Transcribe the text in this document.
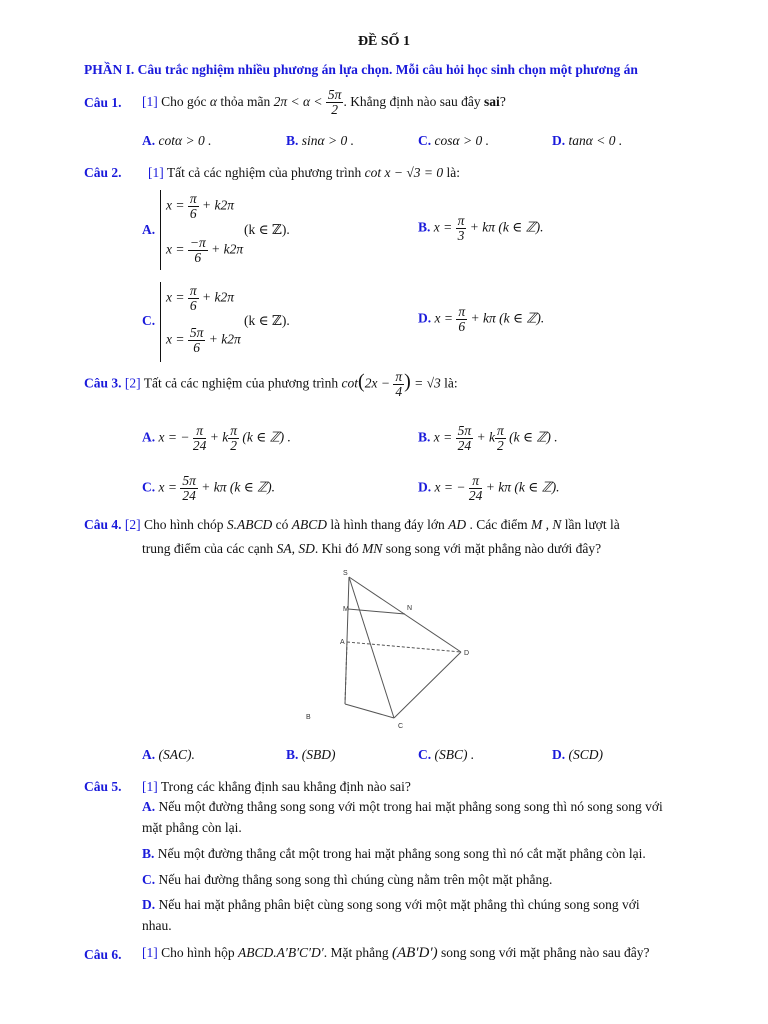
ĐỀ SỐ 1
PHẦN I. Câu trắc nghiệm nhiều phương án lựa chọn. Mỗi câu hỏi học sinh chọn một phương án
Câu 1. [1] Cho góc α thỏa mãn $2\pi < \alpha < \frac{5\pi}{2}$ . Khẳng định nào sau đây sai?
A. cotα > 0 .	B. sinα > 0 .	C. cosα > 0 .	D. tanα < 0 .
Câu 2. [1] Tất cả các nghiệm của phương trình cot x − √3 = 0 là:
A.
$x = \frac{\pi}{6} + k2\pi$
$x = \frac{-\pi}{6} + k2\pi$
(k ∈ ℤ).	B. $x = \frac{\pi}{3} + k\pi$ (k ∈ ℤ).
C.
$x = \frac{\pi}{6} + k2\pi$
$x = \frac{5\pi}{6} + k2\pi$
(k ∈ ℤ).	D. $x = \frac{\pi}{6} + k\pi$ (k ∈ ℤ).
Câu 3. [2] Tất cả các nghiệm của phương trình $\cot(2x - \frac{\pi}{4}$ ) = √3 là:
A. x = − $\frac{\pi}{24} + k \frac{\pi}{2} (k$ ∈ ℤ) .	B. $x = \frac{5\pi}{24} + k \frac{\pi}{2} (k$ ∈ ℤ) .
C. $x = \frac{5\pi}{24} + k\pi$ (k ∈ ℤ).	D. x = − $\frac{\pi}{24} + k\pi$ (k ∈ ℤ).
Câu 4. [2] Cho hình chóp S.ABCD có ABCD là hình thang đáy lớn AD . Các điểm M , N lần lượt là
trung điểm của các cạnh SA, SD. Khi đó MN song song với mặt phẳng nào dưới đây?
S
M	N
A
D
B
C
A. (SAC).	B. (SBD)	C. (SBC) .	D. (SCD)
Câu 5. [1] Trong các khẳng định sau khẳng định nào sai?
A. Nếu một đường thẳng song song với một trong hai mặt phẳng song song thì nó song song với
mặt phẳng còn lại.
B. Nếu một đường thẳng cắt một trong hai mặt phẳng song song thì nó cắt mặt phẳng còn lại.
C. Nếu hai đường thẳng song song thì chúng cùng nằm trên một mặt phẳng.
D. Nếu hai mặt phẳng phân biệt cùng song song với một mặt phẳng thì chúng song song với
nhau.
Câu 6. [1] Cho hình hộp ABCD.A′B′C′D′. Mặt phẳng (AB′D′) song song với mặt phẳng nào sau đây?
